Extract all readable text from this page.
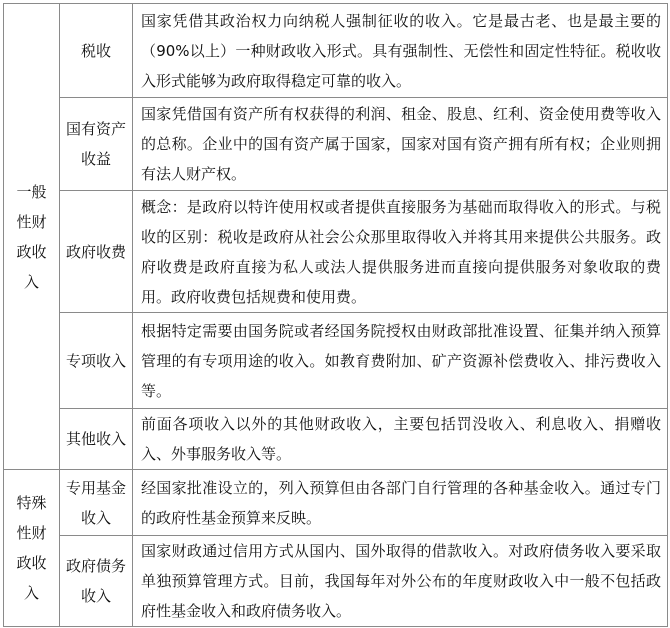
一般性财政收入	税收	国家凭借其政治权力向纳税人强制征收的收入。它是最古老、也是最主要的（90%以上）一种财政收入形式。具有强制性、无偿性和固定性特征。税收收入形式能够为政府取得稳定可靠的收入。
	国有资产收益	国家凭借国有资产所有权获得的利润、租金、股息、红利、资金使用费等收入的总称。企业中的国有资产属于国家，国家对国有资产拥有所有权；企业则拥有法人财产权。
	政府收费	概念：是政府以特许使用权或者提供直接服务为基础而取得收入的形式。与税收的区别：税收是政府从社会公众那里取得收入并将其用来提供公共服务。政府收费是政府直接为私人或法人提供服务进而直接向提供服务对象收取的费用。政府收费包括规费和使用费。
	专项收入	根据特定需要由国务院或者经国务院授权由财政部批准设置、征集并纳入预算管理的有专项用途的收入。如教育费附加、矿产资源补偿费收入、排污费收入等。
	其他收入	前面各项收入以外的其他财政收入，主要包括罚没收入、利息收入、捐赠收入、外事服务收入等。
特殊性财政收入	专用基金收入	经国家批准设立的，列入预算但由各部门自行管理的各种基金收入。通过专门的政府性基金预算来反映。
	政府债务收入	国家财政通过信用方式从国内、国外取得的借款收入。对政府债务收入要采取单独预算管理方式。目前，我国每年对外公布的年度财政收入中一般不包括政府性基金收入和政府债务收入。
